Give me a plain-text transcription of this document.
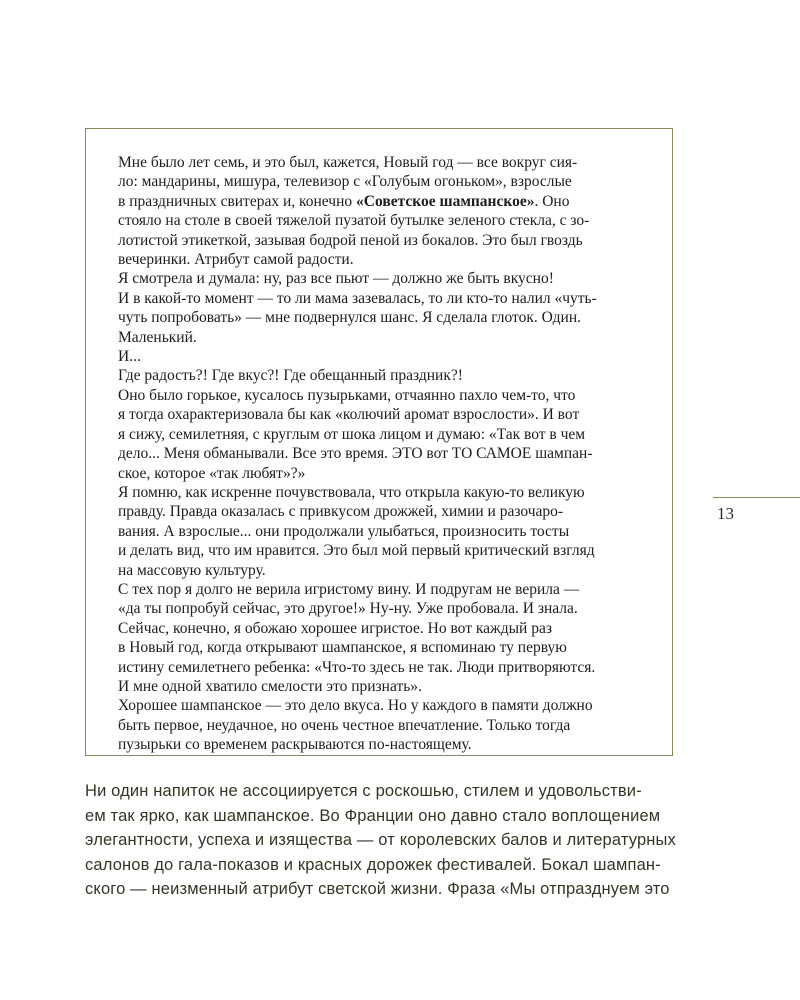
Мне было лет семь, и это был, кажется, Новый год — все вокруг сия-
ло: мандарины, мишура, телевизор с «Голубым огоньком», взрослые
в праздничных свитерах и, конечно «Советское шампанское». Оно
стояло на столе в своей тяжелой пузатой бутылке зеленого стекла, с зо-
лотистой этикеткой, зазывая бодрой пеной из бокалов. Это был гвоздь
вечеринки. Атрибут самой радости.
Я смотрела и думала: ну, раз все пьют — должно же быть вкусно!
И в какой-то момент — то ли мама зазевалась, то ли кто-то налил «чуть-
чуть попробовать» — мне подвернулся шанс. Я сделала глоток. Один.
Маленький.
И...
Где радость?! Где вкус?! Где обещанный праздник?!
Оно было горькое, кусалось пузырьками, отчаянно пахло чем-то, что
я тогда охарактеризовала бы как «колючий аромат взрослости». И вот
я сижу, семилетняя, с круглым от шока лицом и думаю: «Так вот в чем
дело... Меня обманывали. Все это время. ЭТО вот ТО САМОЕ шампан-
ское, которое «так любят»?»
Я помню, как искренне почувствовала, что открыла какую-то великую
правду. Правда оказалась с привкусом дрожжей, химии и разочаро-
вания. А взрослые... они продолжали улыбаться, произносить тосты
и делать вид, что им нравится. Это был мой первый критический взгляд
на массовую культуру.
С тех пор я долго не верила игристому вину. И подругам не верила —
«да ты попробуй сейчас, это другое!» Ну-ну. Уже пробовала. И знала.
Сейчас, конечно, я обожаю хорошее игристое. Но вот каждый раз
в Новый год, когда открывают шампанское, я вспоминаю ту первую
истину семилетнего ребенка: «Что-то здесь не так. Люди притворяются.
И мне одной хватило смелости это признать».
Хорошее шампанское — это дело вкуса. Но у каждого в памяти должно
быть первое, неудачное, но очень честное впечатление. Только тогда
пузырьки со временем раскрываются по-настоящему.
13
Ни один напиток не ассоциируется с роскошью, стилем и удовольстви-
ем так ярко, как шампанское. Во Франции оно давно стало воплощением
элегантности, успеха и изящества — от королевских балов и литературных
салонов до гала-показов и красных дорожек фестивалей. Бокал шампан-
ского — неизменный атрибут светской жизни. Фраза «Мы отпразднуем это
